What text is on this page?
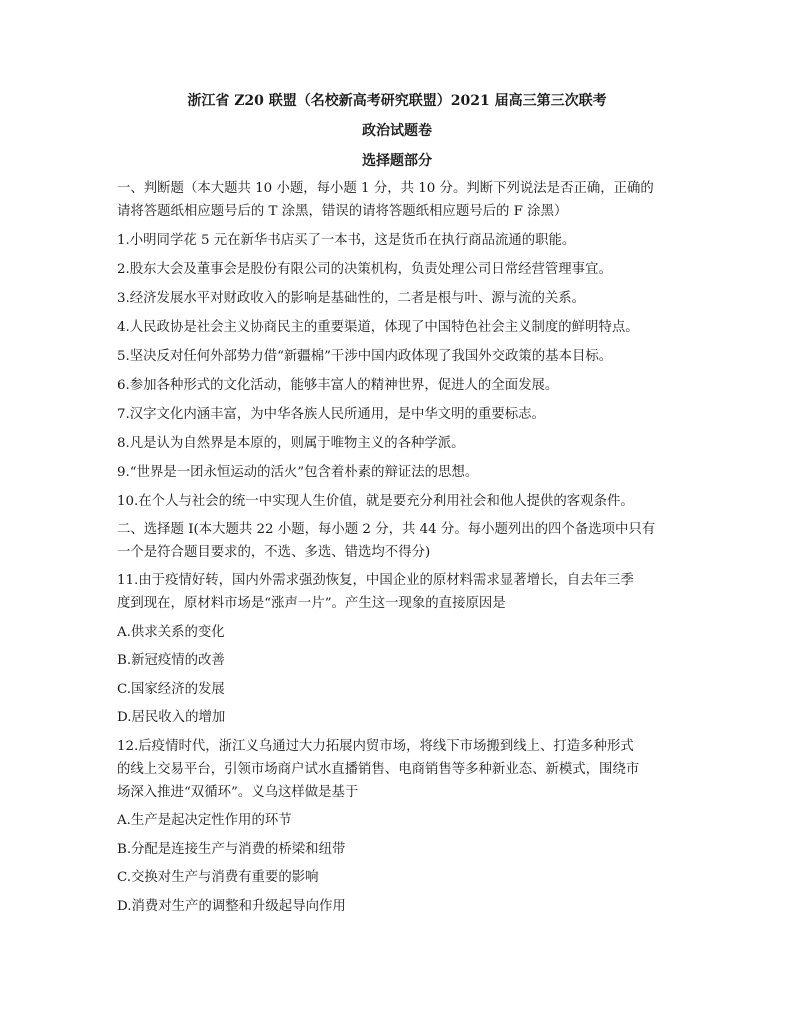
浙江省 Z20 联盟（名校新高考研究联盟）2021 届高三第三次联考
政治试题卷
选择题部分
一、判断题（本大题共 10 小题，每小题 1 分，共 10 分。判断下列说法是否正确，正确的
请将答题纸相应题号后的 T 涂黑，错误的请将答题纸相应题号后的 F 涂黑）
1.小明同学花 5 元在新华书店买了一本书，这是货币在执行商品流通的职能。
2.股东大会及董事会是股份有限公司的决策机构，负责处理公司日常经营管理事宜。
3.经济发展水平对财政收入的影响是基础性的，二者是根与叶、源与流的关系。
4.人民政协是社会主义协商民主的重要渠道，体现了中国特色社会主义制度的鲜明特点。
5.坚决反对任何外部势力借“新疆棉”干涉中国内政体现了我国外交政策的基本目标。
6.参加各种形式的文化活动，能够丰富人的精神世界，促进人的全面发展。
7.汉字文化内涵丰富，为中华各族人民所通用，是中华文明的重要标志。
8.凡是认为自然界是本原的，则属于唯物主义的各种学派。
9.“世界是一团永恒运动的活火”包含着朴素的辩证法的思想。
10.在个人与社会的统一中实现人生价值，就是要充分利用社会和他人提供的客观条件。
二、选择题 I(本大题共 22 小题，每小题 2 分，共 44 分。每小题列出的四个备选项中只有
一个是符合题目要求的，不选、多选、错选均不得分)
11.由于疫情好转，国内外需求强劲恢复，中国企业的原材料需求显著增长，自去年三季
度到现在，原材料市场是“涨声一片”。产生这一现象的直接原因是
A.供求关系的变化
B.新冠疫情的改善
C.国家经济的发展
D.居民收入的增加
12.后疫情时代，浙江义乌通过大力拓展内贸市场，将线下市场搬到线上、打造多种形式
的线上交易平台，引领市场商户试水直播销售、电商销售等多种新业态、新模式，围绕市
场深入推进“双循环”。义乌这样做是基于
A.生产是起决定性作用的环节
B.分配是连接生产与消费的桥梁和纽带
C.交换对生产与消费有重要的影响
D.消费对生产的调整和升级起导向作用
